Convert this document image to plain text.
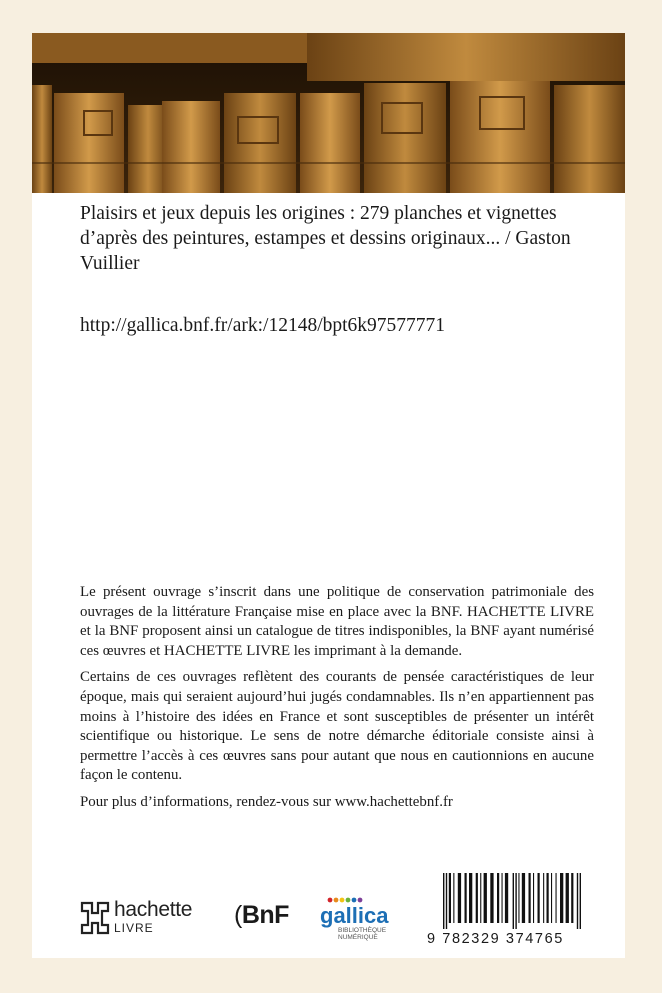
Plaisirs et jeux depuis les origines : 279 planches et vignettes d’après des peintures, estampes et dessins originaux... / Gaston Vuillier
http://gallica.bnf.fr/ark:/12148/bpt6k97577771

Le présent ouvrage s’inscrit dans une politique de conservation patrimoniale des ouvrages de la littérature Française mise en place avec la BNF. HACHETTE LIVRE et la BNF proposent ainsi un catalogue de titres indisponibles, la BNF ayant numérisé ces œuvres et HACHETTE LIVRE les imprimant à la demande.

Certains de ces ouvrages reflètent des courants de pensée caractéristiques de leur époque, mais qui seraient aujourd’hui jugés condamnables. Ils n’en appartiennent pas moins à l’histoire des idées en France et sont susceptibles de présenter un intérêt scientifique ou historique. Le sens de notre démarche éditoriale consiste ainsi à permettre l’accès à ces œuvres sans pour autant que nous en cautionnions en aucune façon le contenu.

Pour plus d’informations, rendez-vous sur www.hachettebnf.fr

hachette
LIVRE	(BnF gallica
BIBLIOTHÈQUE
NUMÉRIQUE	9 782329 374765
